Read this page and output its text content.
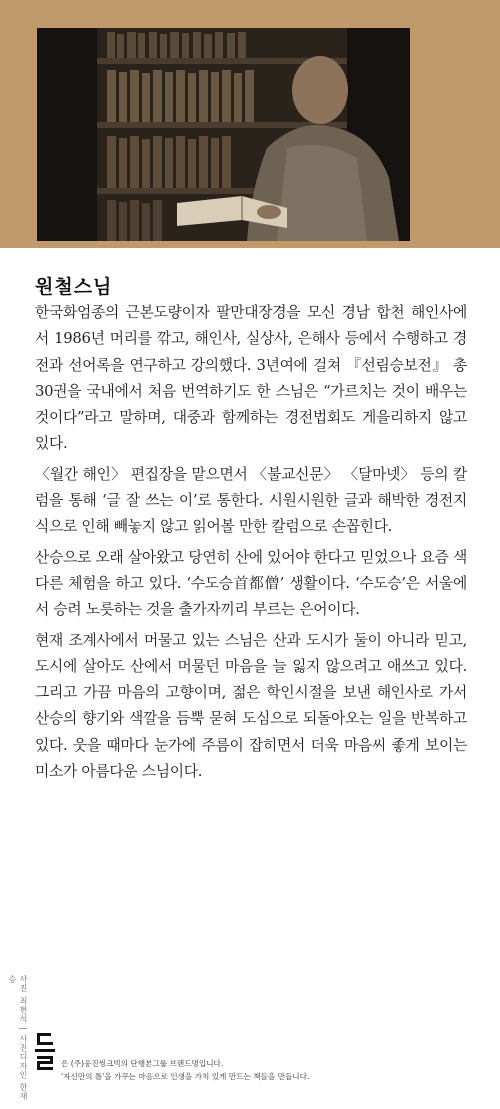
원철스님

한국화엄종의 근본도량이자 팔만대장경을 모신 경남 합천 해인사에서 1986년 머리를 깎고, 해인사, 실상사, 은해사 등에서 수행하고 경전과 선어록을 연구하고 강의했다. 3년여에 걸쳐 『선림승보전』 총 30권을 국내에서 처음 번역하기도 한 스님은 “가르치는 것이 배우는 것이다”라고 말하며, 대중과 함께하는 경전법회도 게을리하지 않고 있다.

〈월간 해인〉 편집장을 맡으면서 〈불교신문〉 〈달마넷〉 등의 칼럼을 통해 ‘글 잘 쓰는 이’로 통한다. 시원시원한 글과 해박한 경전지식으로 인해 빼놓지 않고 읽어볼 만한 칼럼으로 손꼽힌다.

산승으로 오래 살아왔고 당연히 산에 있어야 한다고 믿었으나 요즘 색다른 체험을 하고 있다. ‘수도승首都僧’ 생활이다. ‘수도승’은 서울에서 승려 노릇하는 것을 출가자끼리 부르는 은어이다.

현재 조계사에서 머물고 있는 스님은 산과 도시가 둘이 아니라 믿고, 도시에 살아도 산에서 머물던 마음을 늘 잃지 않으려고 애쓰고 있다. 그리고 가끔 마음의 고향이며, 젊은 학인시절을 보낸 해인사로 가서 산승의 향기와 색깔을 듬뿍 묻혀 도심으로 되돌아오는 일을 반복하고 있다. 웃을 때마다 눈가에 주름이 잡히면서 더욱 마음씨 좋게 보이는 미소가 아름다운 스님이다.

사진 최현석 | 사진디자인 한재승
은 (주)웅진씽크빅의 단행본그룹 브랜드명입니다.
'자신만의 틀'을 가꾸는 마음으로 인생을 가치 있게 만드는 책들을 만듭니다.
